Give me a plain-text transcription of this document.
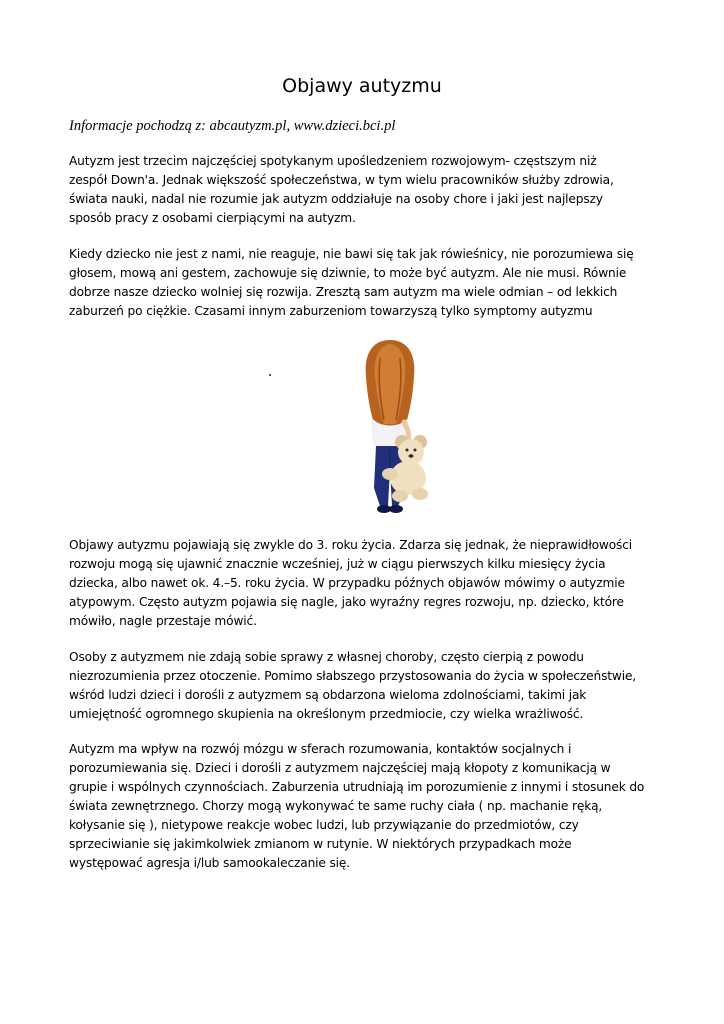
Objawy autyzmu

Informacje pochodzą z: abcautyzm.pl, www.dzieci.bci.pl

Autyzm jest trzecim najczęściej spotykanym upośledzeniem rozwojowym- częstszym niż
zespół Down'a. Jednak większość społeczeństwa, w tym wielu pracowników służby zdrowia,
świata nauki, nadal nie rozumie jak autyzm oddziałuje na osoby chore i jaki jest najlepszy
sposób pracy z osobami cierpiącymi na autyzm.

Kiedy dziecko nie jest z nami, nie reaguje, nie bawi się tak jak rówieśnicy, nie porozumiewa się
głosem, mową ani gestem, zachowuje się dziwnie, to może być autyzm. Ale nie musi. Równie
dobrze nasze dziecko wolniej się rozwija. Zresztą sam autyzm ma wiele odmian – od lekkich
zaburzeń po ciężkie. Czasami innym zaburzeniom towarzyszą tylko symptomy autyzmu

Objawy autyzmu pojawiają się zwykle do 3. roku życia. Zdarza się jednak, że nieprawidłowości
rozwoju mogą się ujawnić znacznie wcześniej, już w ciągu pierwszych kilku miesięcy życia
dziecka, albo nawet ok. 4.–5. roku życia. W przypadku późnych objawów mówimy o autyzmie
atypowym. Często autyzm pojawia się nagle, jako wyraźny regres rozwoju, np. dziecko, które
mówiło, nagle przestaje mówić.

Osoby z autyzmem nie zdają sobie sprawy z własnej choroby, często cierpią z powodu
niezrozumienia przez otoczenie. Pomimo słabszego przystosowania do życia w społeczeństwie,
wśród ludzi dzieci i dorośli z autyzmem są obdarzona wieloma zdolnościami, takimi jak
umiejętność ogromnego skupienia na określonym przedmiocie, czy wielka wrażliwość.

Autyzm ma wpływ na rozwój mózgu w sferach rozumowania, kontaktów socjalnych i
porozumiewania się. Dzieci i dorośli z autyzmem najczęściej mają kłopoty z komunikacją w
grupie i wspólnych czynnościach. Zaburzenia utrudniają im porozumienie z innymi i stosunek do
świata zewnętrznego. Chorzy mogą wykonywać te same ruchy ciała ( np. machanie ręką,
kołysanie się ), nietypowe reakcje wobec ludzi, lub przywiązanie do przedmiotów, czy
sprzeciwianie się jakimkolwiek zmianom w rutynie. W niektórych przypadkach może
występować agresja i/lub samookaleczanie się.
